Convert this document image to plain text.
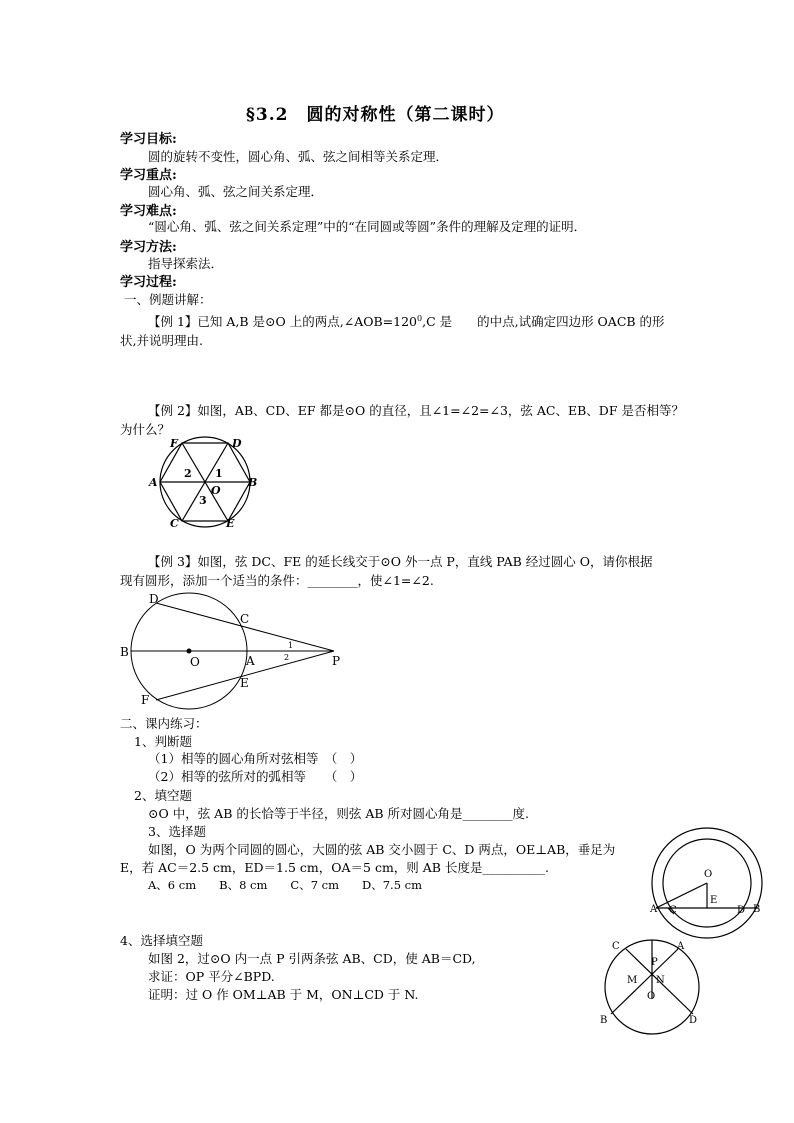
§3.2　圆的对称性（第二课时）
学习目标:
圆的旋转不变性，圆心角、弧、弦之间相等关系定理．
学习重点:
圆心角、弧、弦之间关系定理．
学习难点:
“圆心角、弧、弦之间关系定理”中的“在同圆或等圆”条件的理解及定理的证明．
学习方法:
指导探索法．
学习过程:
一、例题讲解：
【例 1】已知 A,B 是⊙O 上的两点$,\angle AOB=120^0,C$ 是　　的中点,试确定四边形 OACB 的形
状,并说明理由.
【例 2】如图，AB、CD、EF 都是⊙O 的直径，且∠1=∠2=∠3，弦 AC、EB、DF 是否相等？
为什么？
F	D
A	B
C	E
O
1
2
3
【例 3】如图，弦 DC、FE 的延长线交于⊙O 外一点 P，直线 PAB 经过圆心 O，请你根据
现有圆形，添加一个适当的条件：________，使∠1=∠2.
D
C
B
O	A	P
E
F
1
2
二、课内练习：
1、判断题
（1）相等的圆心角所对弦相等　（　）
（2）相等的弦所对的弧相等　　（　）
2、填空题
⊙O 中，弦 AB 的长恰等于半径，则弦 AB 所对圆心角是________度.
3、选择题
如图，O 为两个同圆的圆心，大圆的弦 AB 交小圆于 C、D 两点，OE⊥AB，垂足为
E，若 AC＝2.5 cm，ED＝1.5 cm，OA＝5 cm，则 AB 长度是__________.
A、6 cm　　B、8 cm　　C、7 cm　　D、7.5 cm
O
A C
E
D B
4、选择填空题
如图 2，过⊙O 内一点 P 引两条弦 AB、CD，使 AB＝CD,
求证：OP 平分∠BPD.
证明：过 O 作 OM⊥AB 于 M，ON⊥CD 于 N.
C	A
P
M N
O
B	D
